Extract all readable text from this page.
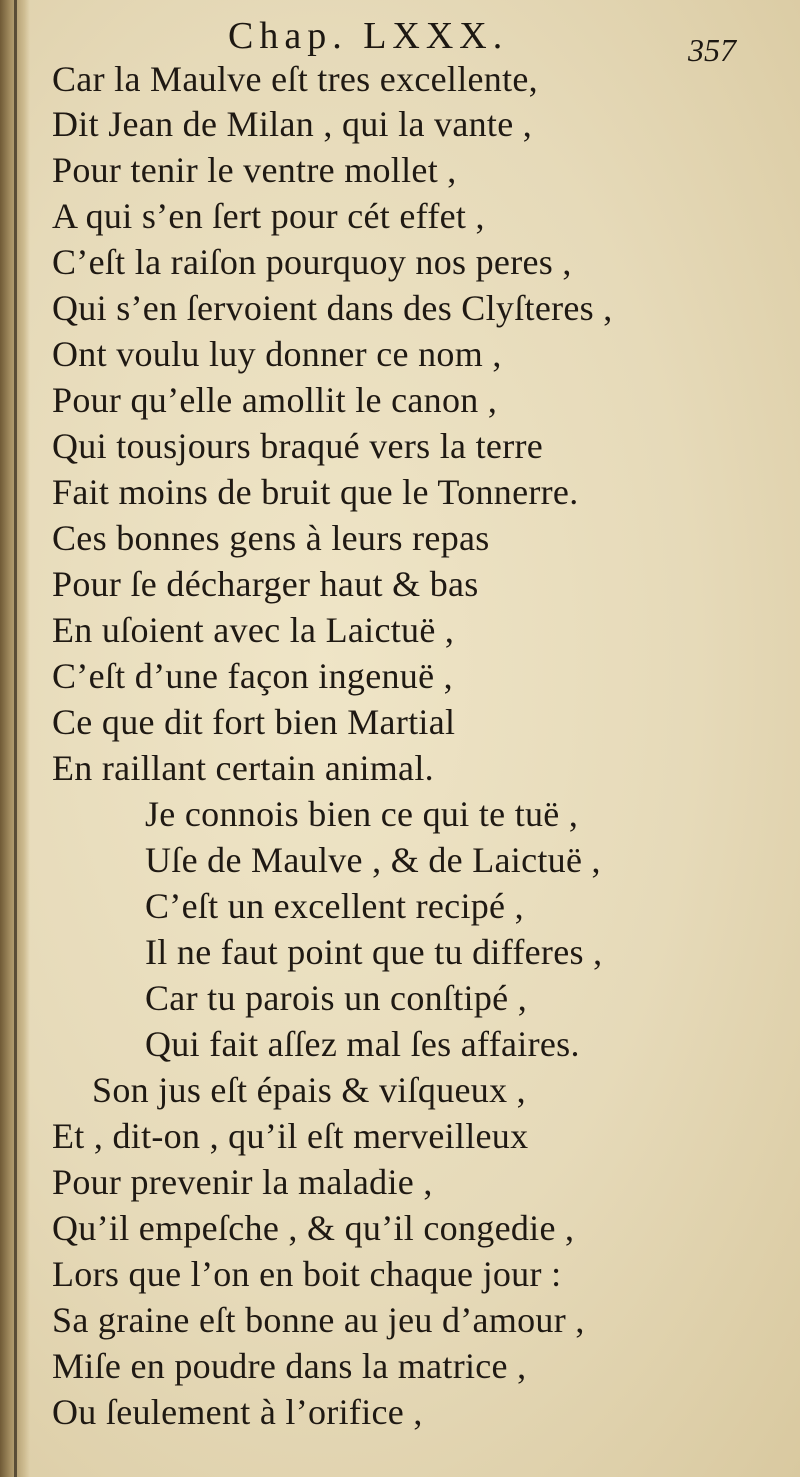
Chap. LXXX.	357
Car la Maulve eſt tres excellente,
Dit Jean de Milan , qui la vante ,
Pour tenir le ventre mollet ,
A qui s’en ſert pour cét effet ,
C’eſt la raiſon pourquoy nos peres ,
Qui s’en ſervoient dans des Clyſteres ,
Ont voulu luy donner ce nom ,
Pour qu’elle amollit le canon ,
Qui tousjours braqué vers la terre
Fait moins de bruit que le Tonnerre.
Ces bonnes gens à leurs repas
Pour ſe décharger haut & bas
En uſoient avec la Laictuë ,
C’eſt d’une façon ingenuë ,
Ce que dit fort bien Martial
En raillant certain animal.
Je connois bien ce qui te tuë ,
Uſe de Maulve , & de Laictuë ,
C’eſt un excellent recipé ,
Il ne faut point que tu differes ,
Car tu parois un conſtipé ,
Qui fait aſſez mal ſes affaires.
Son jus eſt épais & viſqueux ,
Et , dit-on , qu’il eſt merveilleux
Pour prevenir la maladie ,
Qu’il empeſche , & qu’il congedie ,
Lors que l’on en boit chaque jour :
Sa graine eſt bonne au jeu d’amour ,
Miſe en poudre dans la matrice ,
Ou ſeulement à l’orifice ,
